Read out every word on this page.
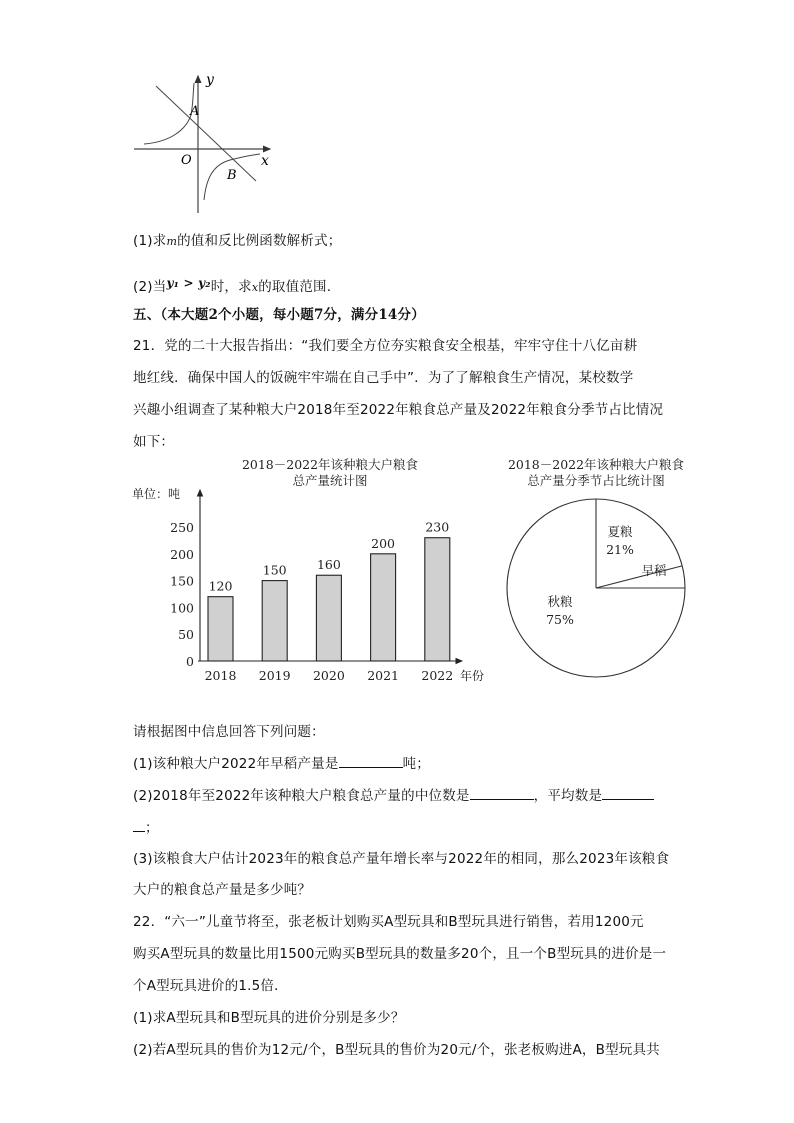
y
x
O
A
B
(1)求m的值和反比例函数解析式；
(2)当y₁ > y₂时，求x的取值范围.
五、（本大题2个小题，每小题7分，满分14分）
21．党的二十大报告指出：“我们要全方位夯实粮食安全根基，牢牢守住十八亿亩耕
地红线．确保中国人的饭碗牢牢端在自己手中”．为了了解粮食生产情况，某校数学
兴趣小组调查了某种粮大户2018年至2022年粮食总产量及2022年粮食分季节占比情况
如下：
2018－2022年该种粮大户粮食
总产量统计图
单位：吨
年份
0
50
100
150
200
250
120
2018
150
2019
160
2020
200
2021
230
2022
2018－2022年该种粮大户粮食
总产量分季节占比统计图
夏粮
21%
早稻
秋粮
75%
请根据图中信息回答下列问题：
(1)该种粮大户2022年早稻产量是	吨；
(2)2018年至2022年该种粮大户粮食总产量的中位数是	，平均数是
；
(3)该粮食大户估计2023年的粮食总产量年增长率与2022年的相同，那么2023年该粮食
大户的粮食总产量是多少吨？
22．“六一”儿童节将至，张老板计划购买A型玩具和B型玩具进行销售，若用1200元
购买A型玩具的数量比用1500元购买B型玩具的数量多20个，且一个B型玩具的进价是一
个A型玩具进价的1.5倍．
(1)求A型玩具和B型玩具的进价分别是多少？
(2)若A型玩具的售价为12元/个，B型玩具的售价为20元/个，张老板购进A，B型玩具共
